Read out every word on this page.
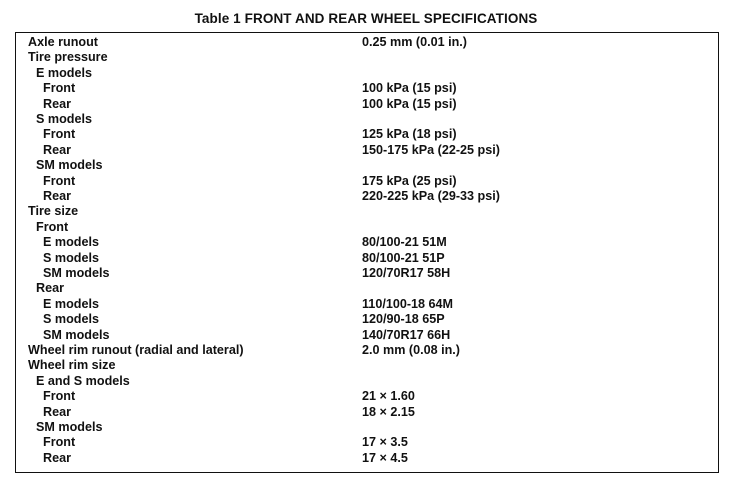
Table 1 FRONT AND REAR WHEEL SPECIFICATIONS
Axle runout	0.25 mm (0.01 in.)
Tire pressure
E models
Front	100 kPa (15 psi)
Rear	100 kPa (15 psi)
S models
Front	125 kPa (18 psi)
Rear	150-175 kPa (22-25 psi)
SM models
Front	175 kPa (25 psi)
Rear	220-225 kPa (29-33 psi)
Tire size
Front
E models	80/100-21 51M
S models	80/100-21 51P
SM models	120/70R17 58H
Rear
E models	110/100-18 64M
S models	120/90-18 65P
SM models	140/70R17 66H
Wheel rim runout (radial and lateral)	2.0 mm (0.08 in.)
Wheel rim size
E and S models
Front	21 × 1.60
Rear	18 × 2.15
SM models
Front	17 × 3.5
Rear	17 × 4.5
